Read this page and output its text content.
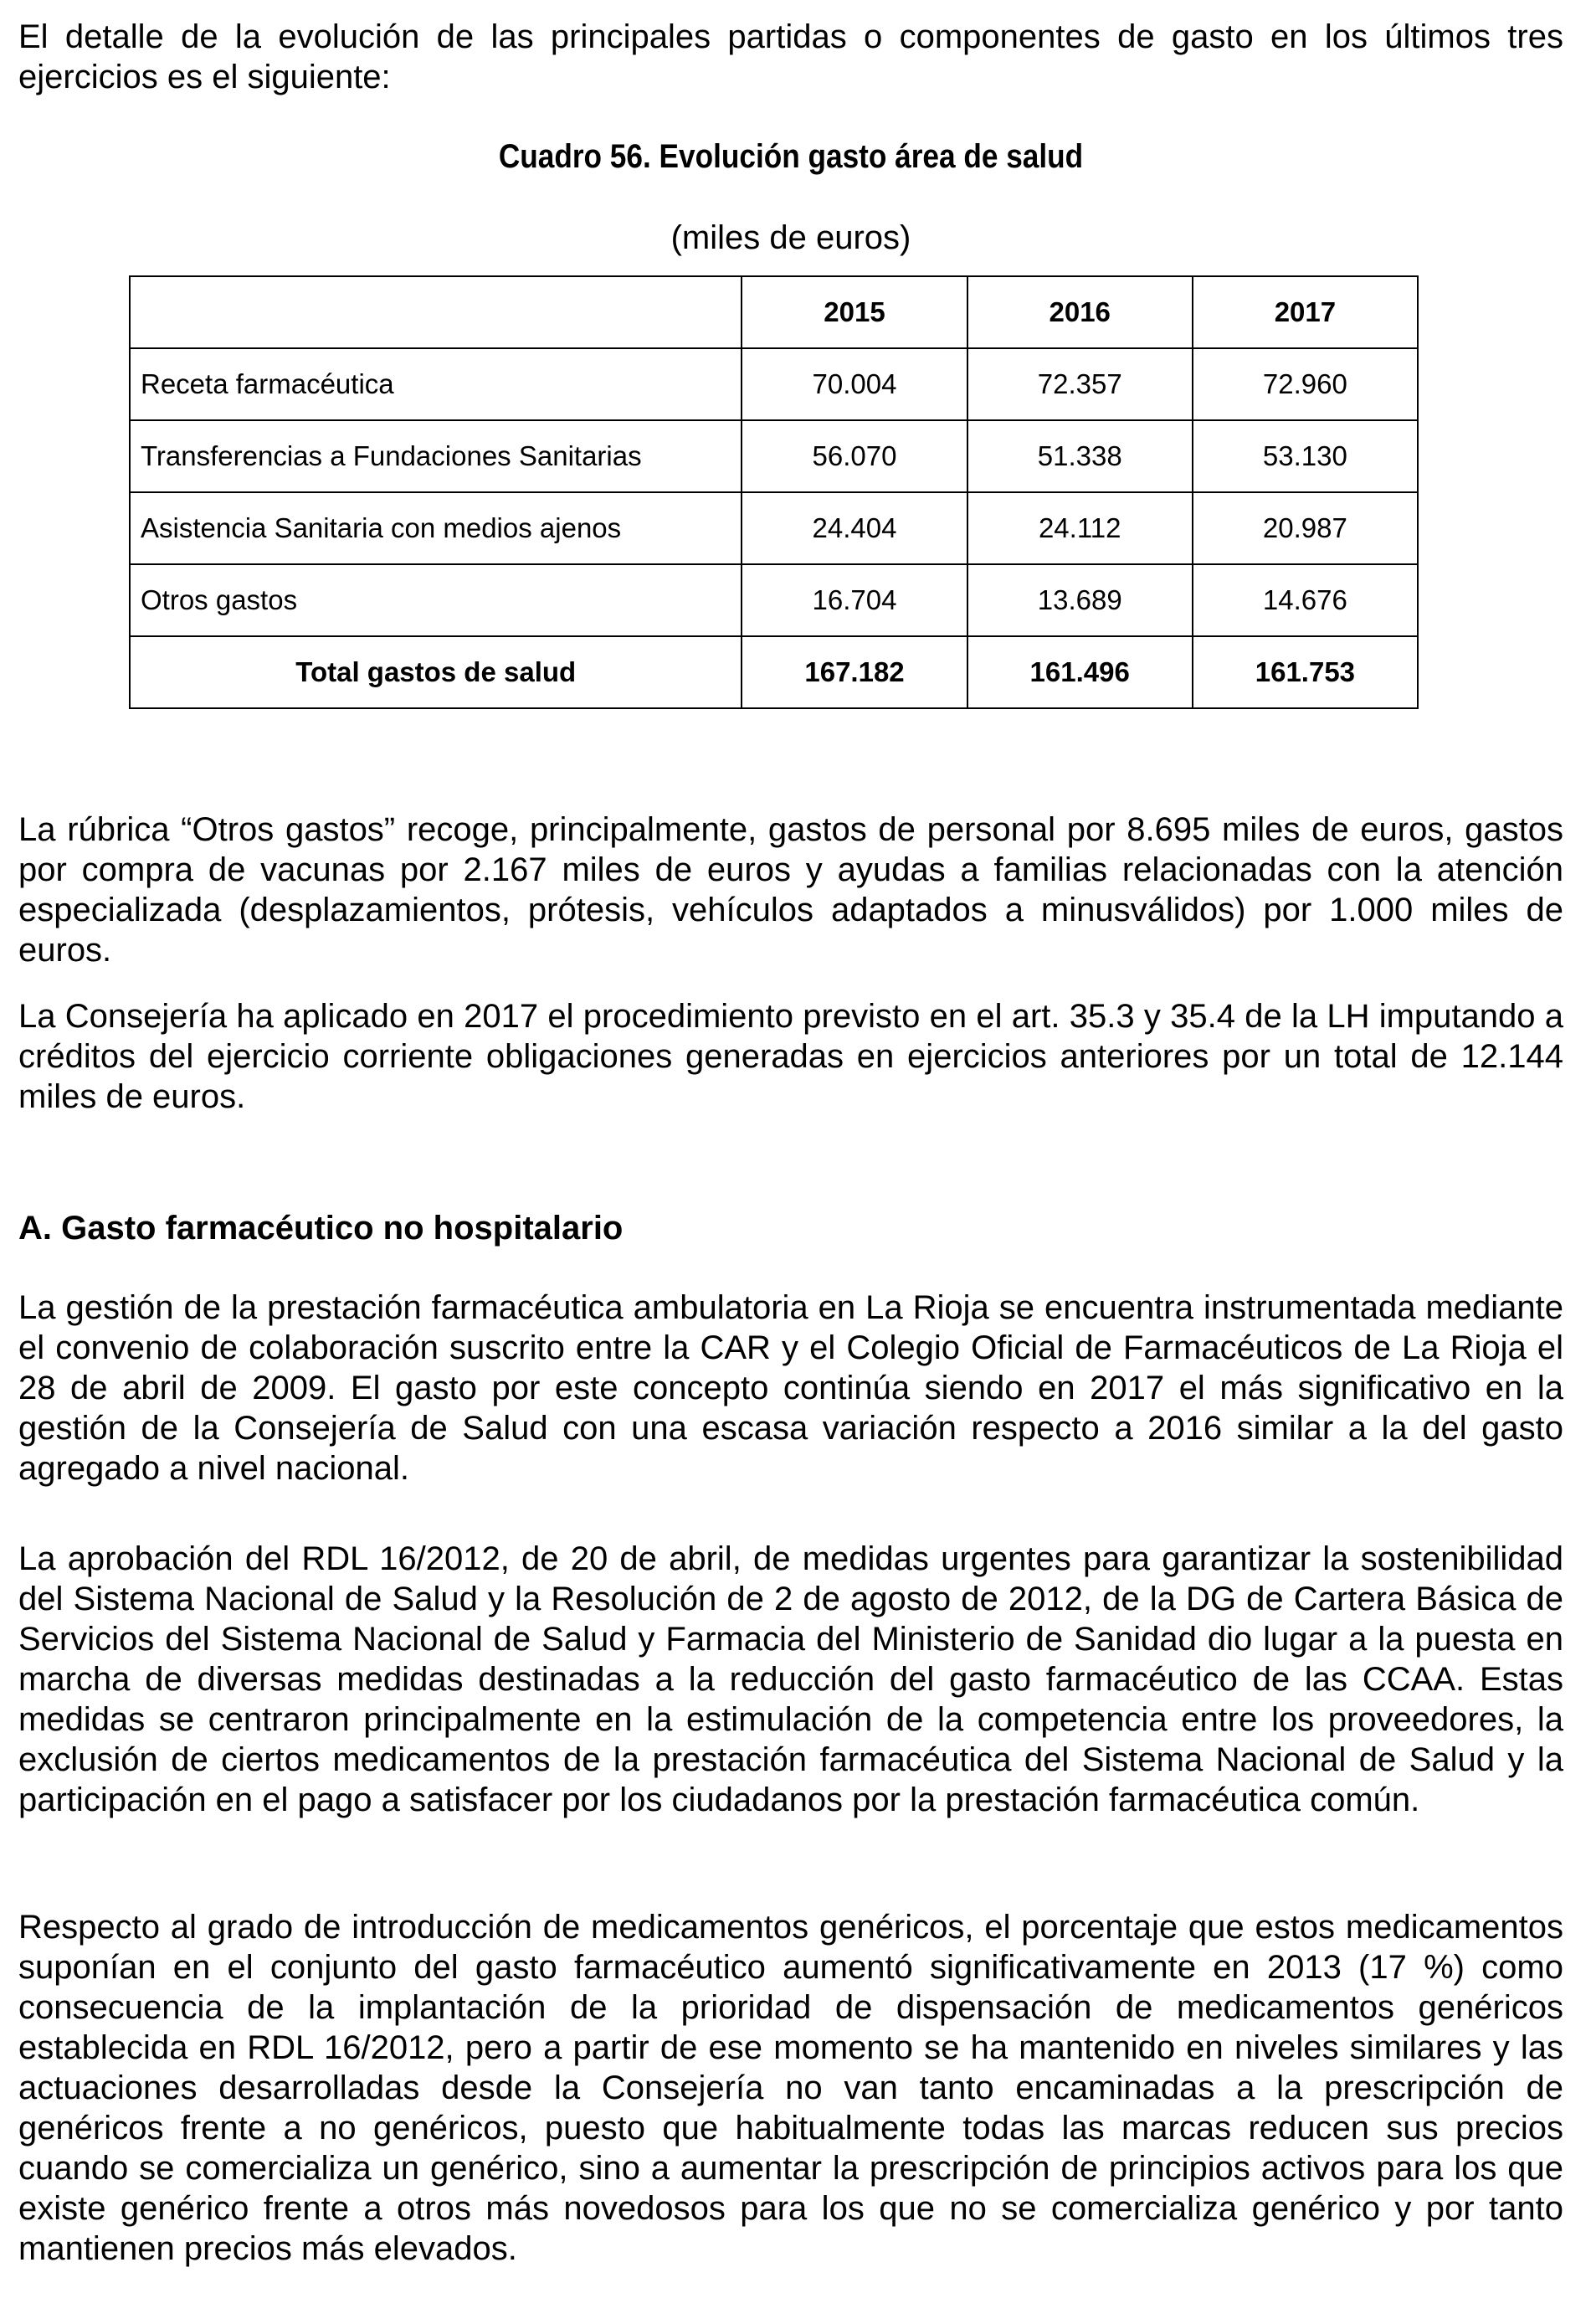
El detalle de la evolución de las principales partidas o componentes de gasto en los últimos tres ejercicios es el siguiente:

Cuadro 56. Evolución gasto área de salud

(miles de euros)

	2015	2016	2017
Receta farmacéutica	70.004	72.357	72.960
Transferencias a Fundaciones Sanitarias	56.070	51.338	53.130
Asistencia Sanitaria con medios ajenos	24.404	24.112	20.987
Otros gastos	16.704	13.689	14.676
Total gastos de salud	167.182	161.496	161.753

La rúbrica “Otros gastos” recoge, principalmente, gastos de personal por 8.695 miles de euros, gastos por compra de vacunas por 2.167 miles de euros y ayudas a familias relacionadas con la atención especializada (desplazamientos, prótesis, vehículos adaptados a minusválidos) por 1.000 miles de euros.

La Consejería ha aplicado en 2017 el procedimiento previsto en el art. 35.3 y 35.4 de la LH imputando a créditos del ejercicio corriente obligaciones generadas en ejercicios anteriores por un total de 12.144 miles de euros.

A. Gasto farmacéutico no hospitalario

La gestión de la prestación farmacéutica ambulatoria en La Rioja se encuentra instrumentada mediante el convenio de colaboración suscrito entre la CAR y el Colegio Oficial de Farmacéuticos de La Rioja el 28 de abril de 2009. El gasto por este concepto continúa siendo en 2017 el más significativo en la gestión de la Consejería de Salud con una escasa variación respecto a 2016 similar a la del gasto agregado a nivel nacional.

La aprobación del RDL 16/2012, de 20 de abril, de medidas urgentes para garantizar la sostenibilidad del Sistema Nacional de Salud y la Resolución de 2 de agosto de 2012, de la DG de Cartera Básica de Servicios del Sistema Nacional de Salud y Farmacia del Ministerio de Sanidad dio lugar a la puesta en marcha de diversas medidas destinadas a la reducción del gasto farmacéutico de las CCAA. Estas medidas se centraron principalmente en la estimulación de la competencia entre los proveedores, la exclusión de ciertos medicamentos de la prestación farmacéutica del Sistema Nacional de Salud y la participación en el pago a satisfacer por los ciudadanos por la prestación farmacéutica común.

Respecto al grado de introducción de medicamentos genéricos, el porcentaje que estos medicamentos suponían en el conjunto del gasto farmacéutico aumentó significativamente en 2013 (17 %) como consecuencia de la implantación de la prioridad de dispensación de medicamentos genéricos establecida en RDL 16/2012, pero a partir de ese momento se ha mantenido en niveles similares y las actuaciones desarrolladas desde la Consejería no van tanto encaminadas a la prescripción de genéricos frente a no genéricos, puesto que habitualmente todas las marcas reducen sus precios cuando se comercializa un genérico, sino a aumentar la prescripción de principios activos para los que existe genérico frente a otros más novedosos para los que no se comercializa genérico y por tanto mantienen precios más elevados.
